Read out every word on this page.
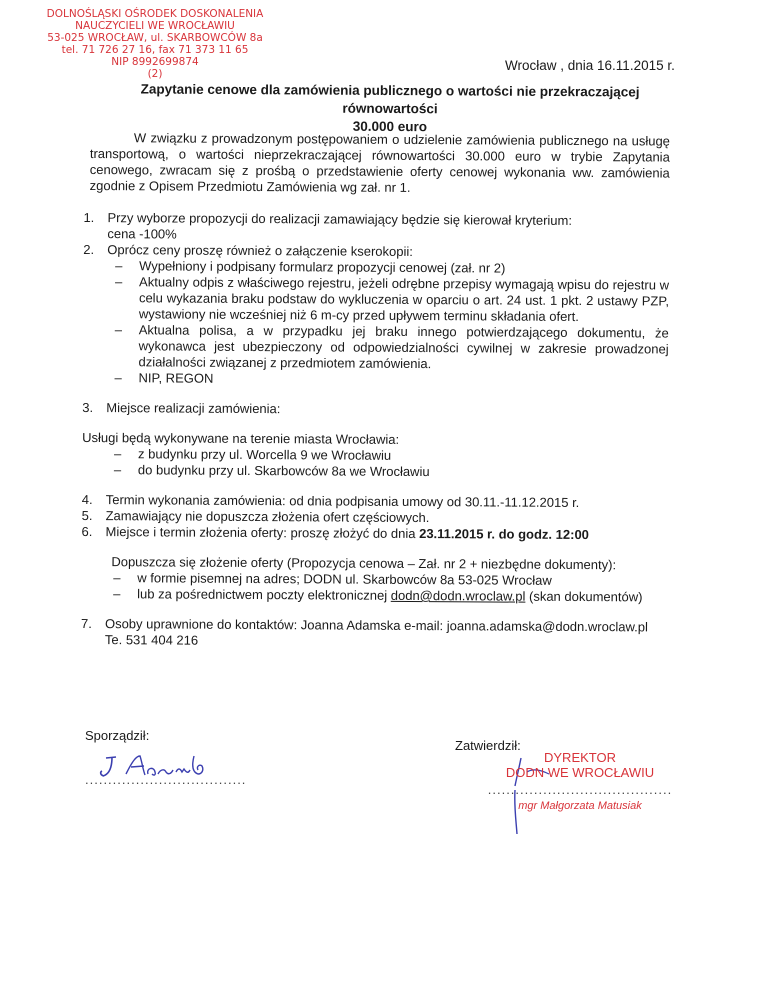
DOLNOŚLĄSKI OŚRODEK DOSKONALENIA
NAUCZYCIELI WE WROCŁAWIU
53-025 WROCŁAW, ul. SKARBOWCÓW 8a
tel. 71 726 27 16, fax 71 373 11 65
NIP 8992699874
(2)
Wrocław , dnia 16.11.2015 r.
Zapytanie cenowe dla zamówienia publicznego o wartości nie przekraczającej równowartości
30.000 euro

W związku z prowadzonym postępowaniem o udzielenie zamówienia publicznego na usługę transportową, o wartości nieprzekraczającej równowartości 30.000 euro w trybie Zapytania cenowego, zwracam się z prośbą o przedstawienie oferty cenowej wykonania ww. zamówienia zgodnie z Opisem Przedmiotu Zamówienia wg zał. nr 1.

1.	Przy wyborze propozycji do realizacji zamawiający będzie się kierował kryterium:
cena -100%
2.	Oprócz ceny proszę również o załączenie kserokopii:
–	Wypełniony i podpisany formularz propozycji cenowej (zał. nr 2)
–	Aktualny odpis z właściwego rejestru, jeżeli odrębne przepisy wymagają wpisu do rejestru w celu wykazania braku podstaw do wykluczenia w oparciu o art. 24 ust. 1 pkt. 2 ustawy PZP, wystawiony nie wcześniej niż 6 m-cy przed upływem terminu składania ofert.
–	Aktualna polisa, a w przypadku jej braku innego potwierdzającego dokumentu, że wykonawca jest ubezpieczony od odpowiedzialności cywilnej w zakresie prowadzonej działalności związanej z przedmiotem zamówienia.
–	NIP, REGON
3.	Miejsce realizacji zamówienia:

Usługi będą wykonywane na terenie miasta Wrocławia:

–	z budynku przy ul. Worcella 9 we Wrocławiu
–	do budynku przy ul. Skarbowców 8a we Wrocławiu
4.	Termin wykonania zamówienia: od dnia podpisania umowy od 30.11.-11.12.2015 r.
5.	Zamawiający nie dopuszcza złożenia ofert częściowych.
6.	Miejsce i termin złożenia oferty: proszę złożyć do dnia 23.11.2015 r. do godz. 12:00

Dopuszcza się złożenie oferty (Propozycja cenowa – Zał. nr 2 + niezbędne dokumenty):

–	w formie pisemnej na adres; DODN ul. Skarbowców 8a 53-025 Wrocław
–	lub za pośrednictwem poczty elektronicznej dodn@dodn.wroclaw.pl (skan dokumentów)
7.	Osoby uprawnione do kontaktów: Joanna Adamska e-mail: joanna.adamska@dodn.wroclaw.pl
Te. 531 404 216
Sporządził:
...................................
Zatwierdził:
DYREKTOR
DODN WE WROCŁAWIU
........................................
mgr Małgorzata Matusiak
